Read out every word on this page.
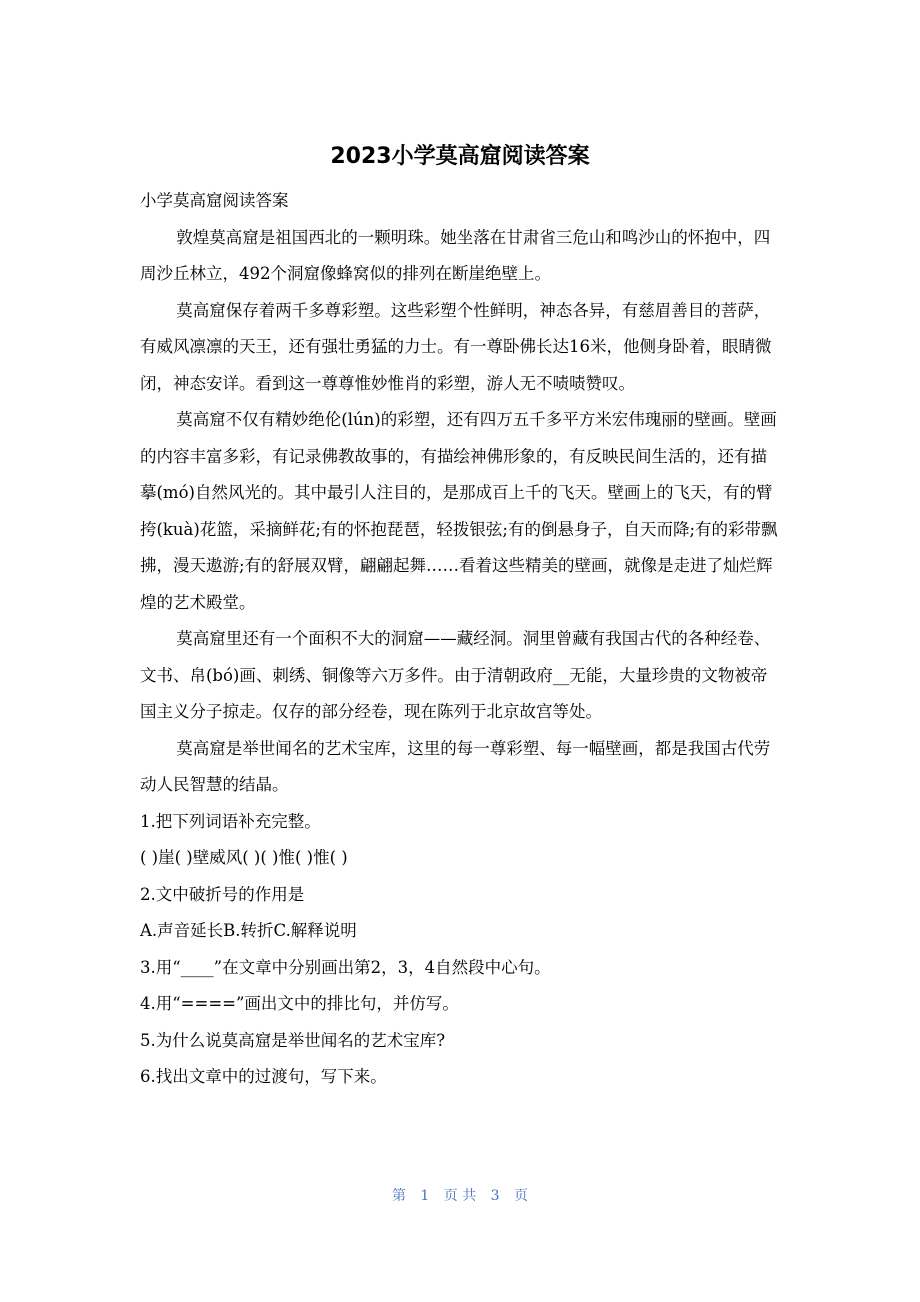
2023小学莫高窟阅读答案

小学莫高窟阅读答案

敦煌莫高窟是祖国西北的一颗明珠。她坐落在甘肃省三危山和鸣沙山的怀抱中，四周沙丘林立，492个洞窟像蜂窝似的排列在断崖绝壁上。

莫高窟保存着两千多尊彩塑。这些彩塑个性鲜明，神态各异，有慈眉善目的菩萨，有威风凛凛的天王，还有强壮勇猛的力士。有一尊卧佛长达16米，他侧身卧着，眼睛微闭，神态安详。看到这一尊尊惟妙惟肖的彩塑，游人无不啧啧赞叹。

莫高窟不仅有精妙绝伦(lún)的彩塑，还有四万五千多平方米宏伟瑰丽的壁画。壁画的内容丰富多彩，有记录佛教故事的，有描绘神佛形象的，有反映民间生活的，还有描摹(mó)自然风光的。其中最引人注目的，是那成百上千的飞天。壁画上的飞天，有的臂挎(kuà)花篮，采摘鲜花;有的怀抱琵琶，轻拨银弦;有的倒悬身子，自天而降;有的彩带飘拂，漫天遨游;有的舒展双臂，翩翩起舞……看着这些精美的壁画，就像是走进了灿烂辉煌的艺术殿堂。

莫高窟里还有一个面积不大的洞窟——藏经洞。洞里曾藏有我国古代的各种经卷、文书、帛(bó)画、刺绣、铜像等六万多件。由于清朝政府__无能，大量珍贵的文物被帝国主义分子掠走。仅存的部分经卷，现在陈列于北京故宫等处。

莫高窟是举世闻名的艺术宝库，这里的每一尊彩塑、每一幅壁画，都是我国古代劳动人民智慧的结晶。

1.把下列词语补充完整。

( )崖( )壁威风( )( )惟( )惟( )

2.文中破折号的作用是

A.声音延长B.转折C.解释说明

3.用“____”在文章中分别画出第2，3，4自然段中心句。

4.用“====”画出文中的排比句，并仿写。

5.为什么说莫高窟是举世闻名的艺术宝库?

6.找出文章中的过渡句，写下来。

第 1 页 共 3 页
